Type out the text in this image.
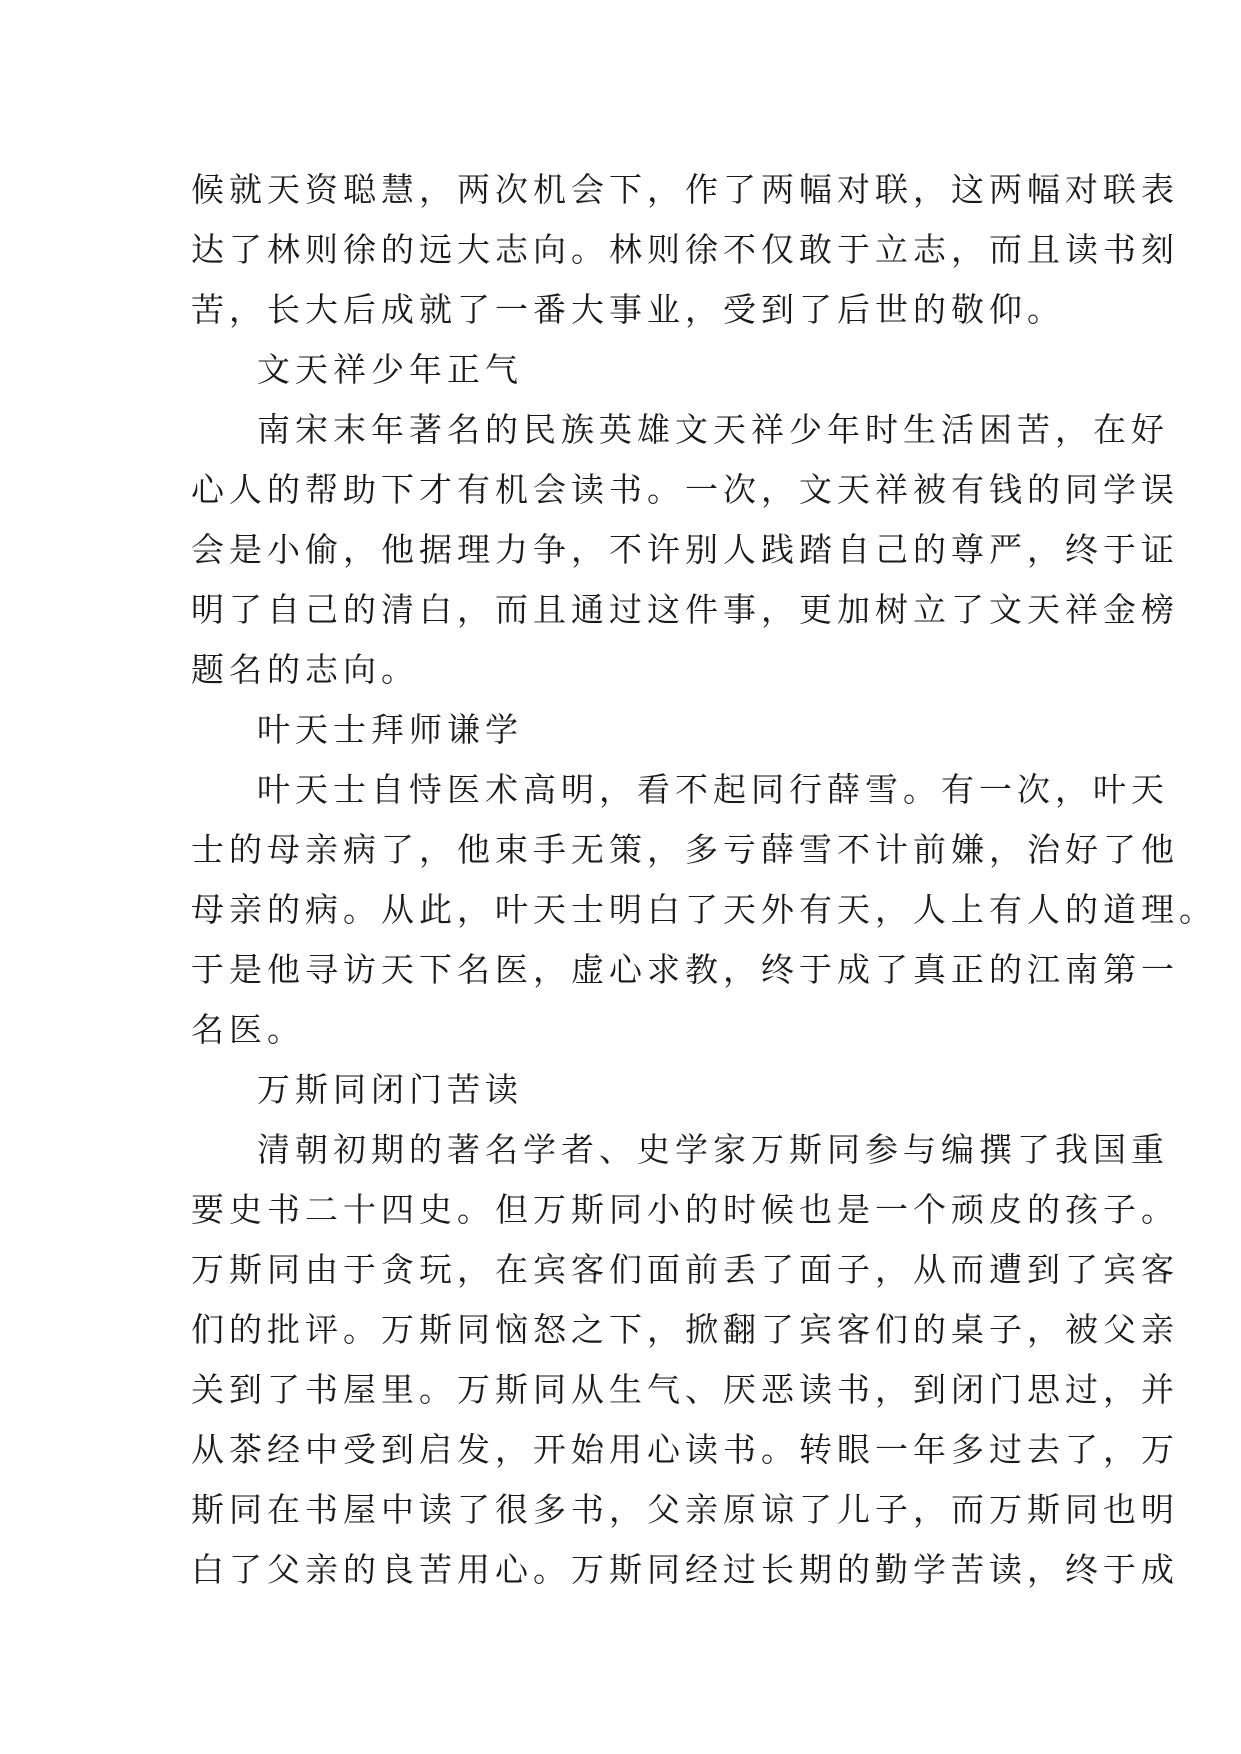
候就天资聪慧，两次机会下，作了两幅对联，这两幅对联表
达了林则徐的远大志向。林则徐不仅敢于立志，而且读书刻
苦，长大后成就了一番大事业，受到了后世的敬仰。
文天祥少年正气
南宋末年著名的民族英雄文天祥少年时生活困苦，在好
心人的帮助下才有机会读书。一次，文天祥被有钱的同学误
会是小偷，他据理力争，不许别人践踏自己的尊严，终于证
明了自己的清白，而且通过这件事，更加树立了文天祥金榜
题名的志向。
叶天士拜师谦学
叶天士自恃医术高明，看不起同行薛雪。有一次，叶天
士的母亲病了，他束手无策，多亏薛雪不计前嫌，治好了他
母亲的病。从此，叶天士明白了天外有天，人上有人的道理。
于是他寻访天下名医，虚心求教，终于成了真正的江南第一
名医。
万斯同闭门苦读
清朝初期的著名学者、史学家万斯同参与编撰了我国重
要史书二十四史。但万斯同小的时候也是一个顽皮的孩子。
万斯同由于贪玩，在宾客们面前丢了面子，从而遭到了宾客
们的批评。万斯同恼怒之下，掀翻了宾客们的桌子，被父亲
关到了书屋里。万斯同从生气、厌恶读书，到闭门思过，并
从茶经中受到启发，开始用心读书。转眼一年多过去了，万
斯同在书屋中读了很多书，父亲原谅了儿子，而万斯同也明
白了父亲的良苦用心。万斯同经过长期的勤学苦读，终于成
